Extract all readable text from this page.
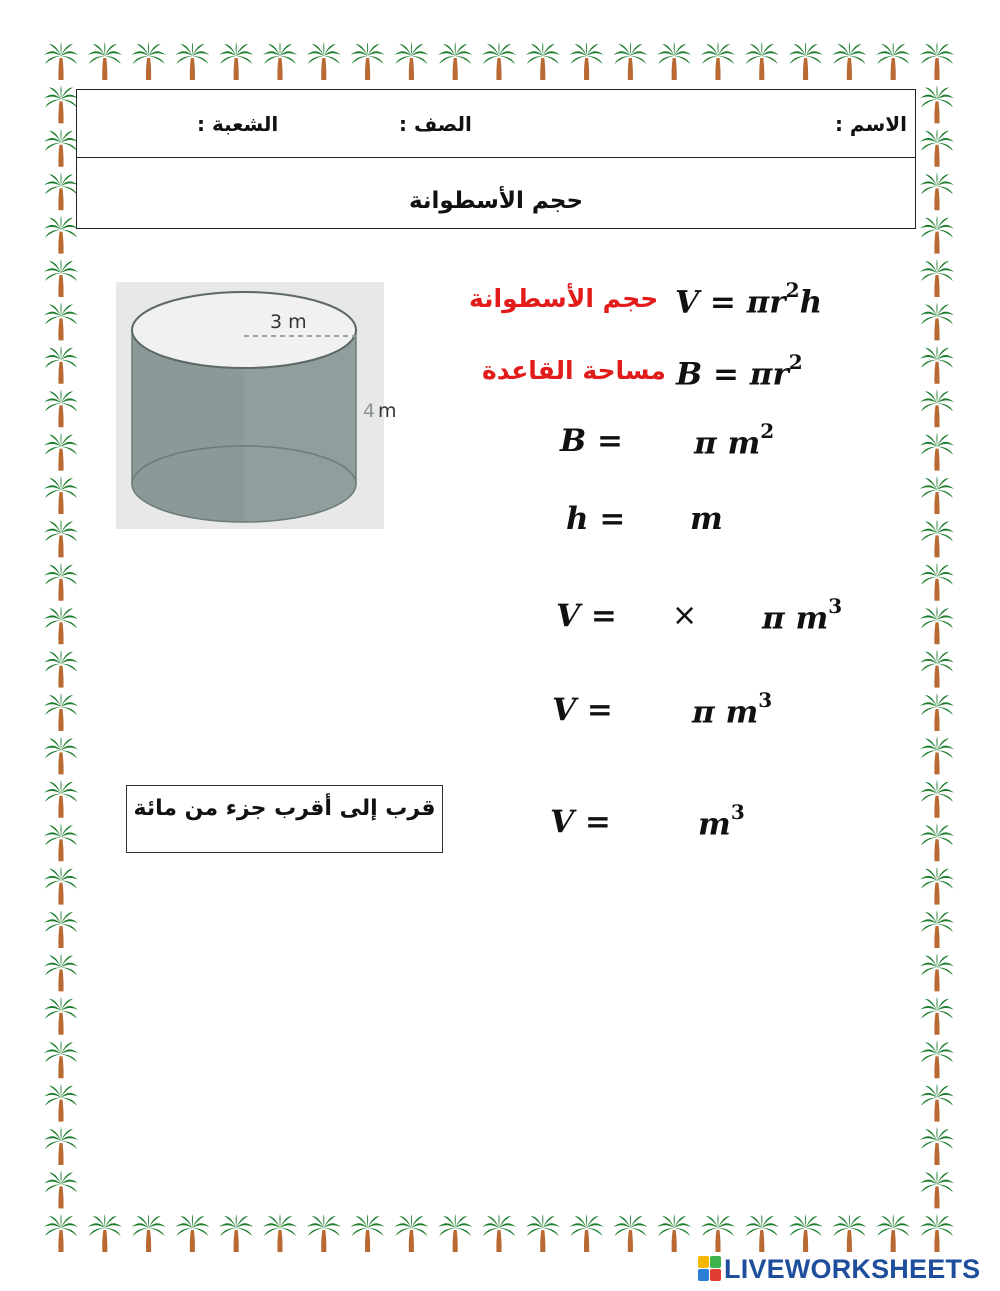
الاسم :
الصف :
الشعبة :
حجم الأسطوانة
3 m
4 m
حجم الأسطوانة $V = \pi r^2h$
مساحة القاعدة $B = \pi r^2$
B = π $m^2$
h = m
V = × π $m^3$
V =	π $m^3$
V =	$m^3$
قرب إلى أقرب جزء من مائة
LIVEWORKSHEETS
